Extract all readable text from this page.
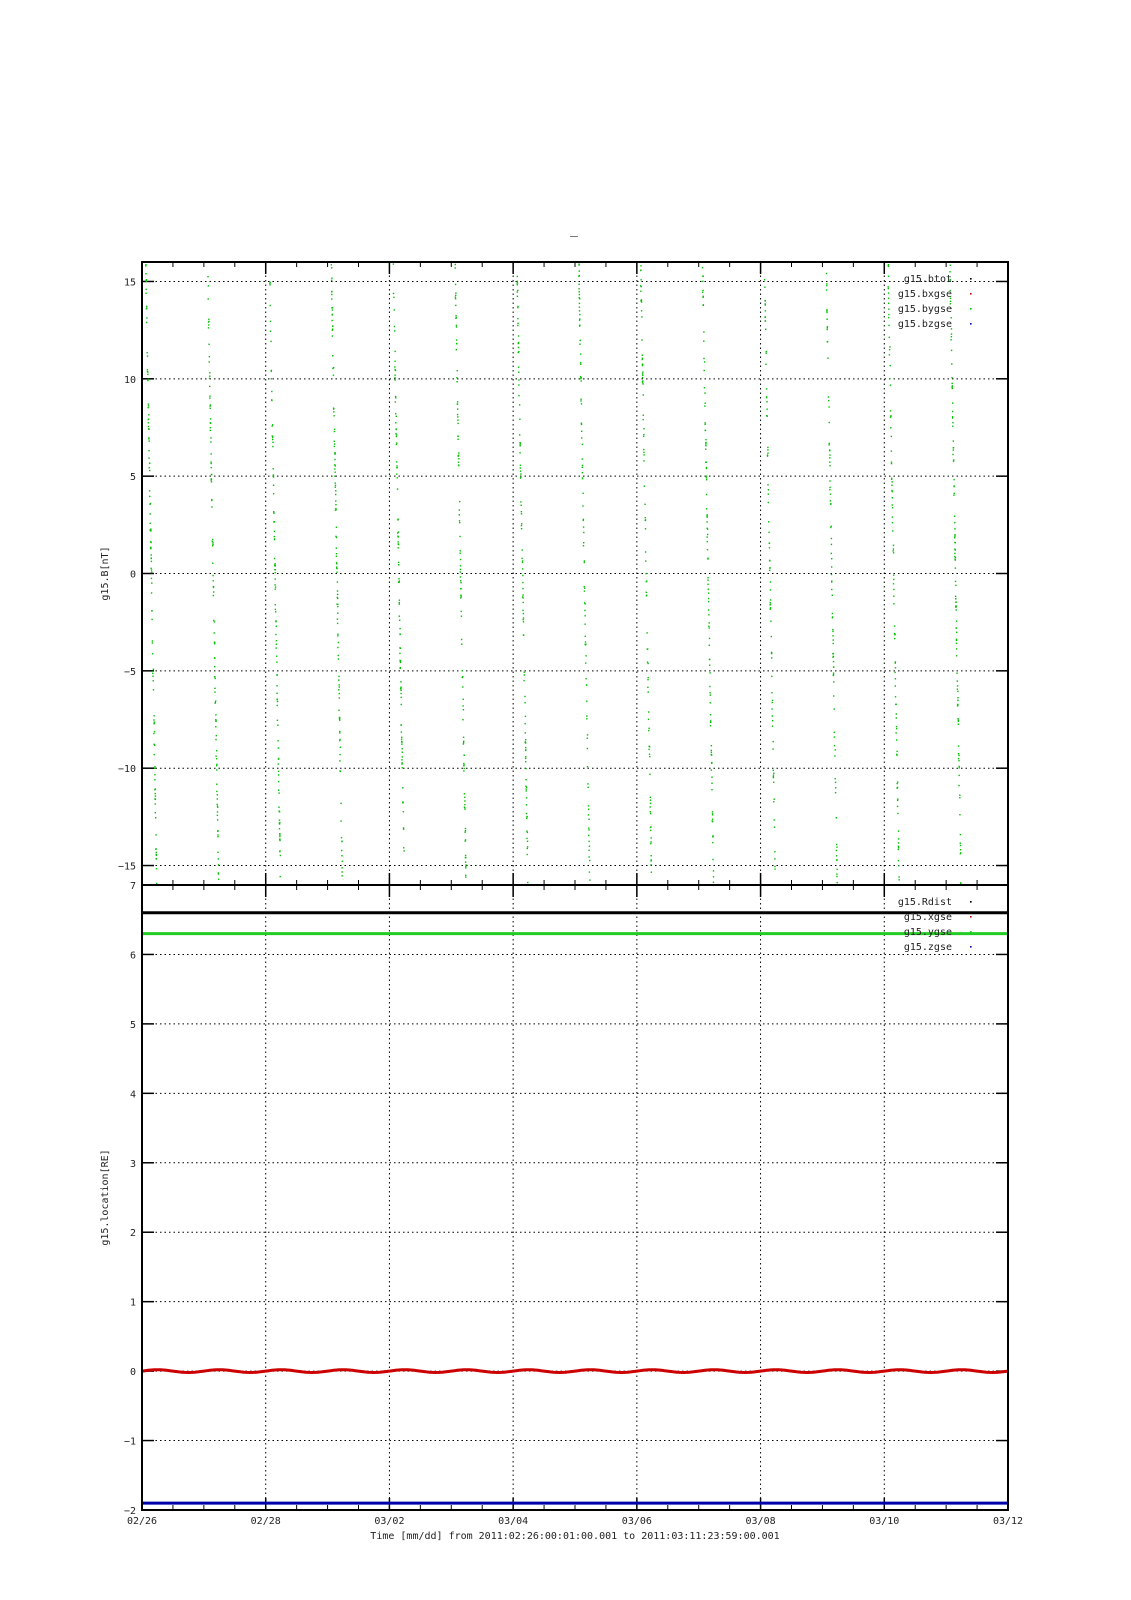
−15
−10
−5
0
5
10
15
g15.B[nT]
g15.btot
g15.bxgse
g15.bygse
g15.bzgse
−2
−1
0
1
2
3
4
5
6
7
g15.location[RE]
g15.Rdist
g15.xgse
g15.ygse
g15.zgse
02/26	02/28	03/02	03/04	03/06	03/08	03/10	03/12
Time [mm/dd] from 2011:02:26:00:01:00.001 to 2011:03:11:23:59:00.001
